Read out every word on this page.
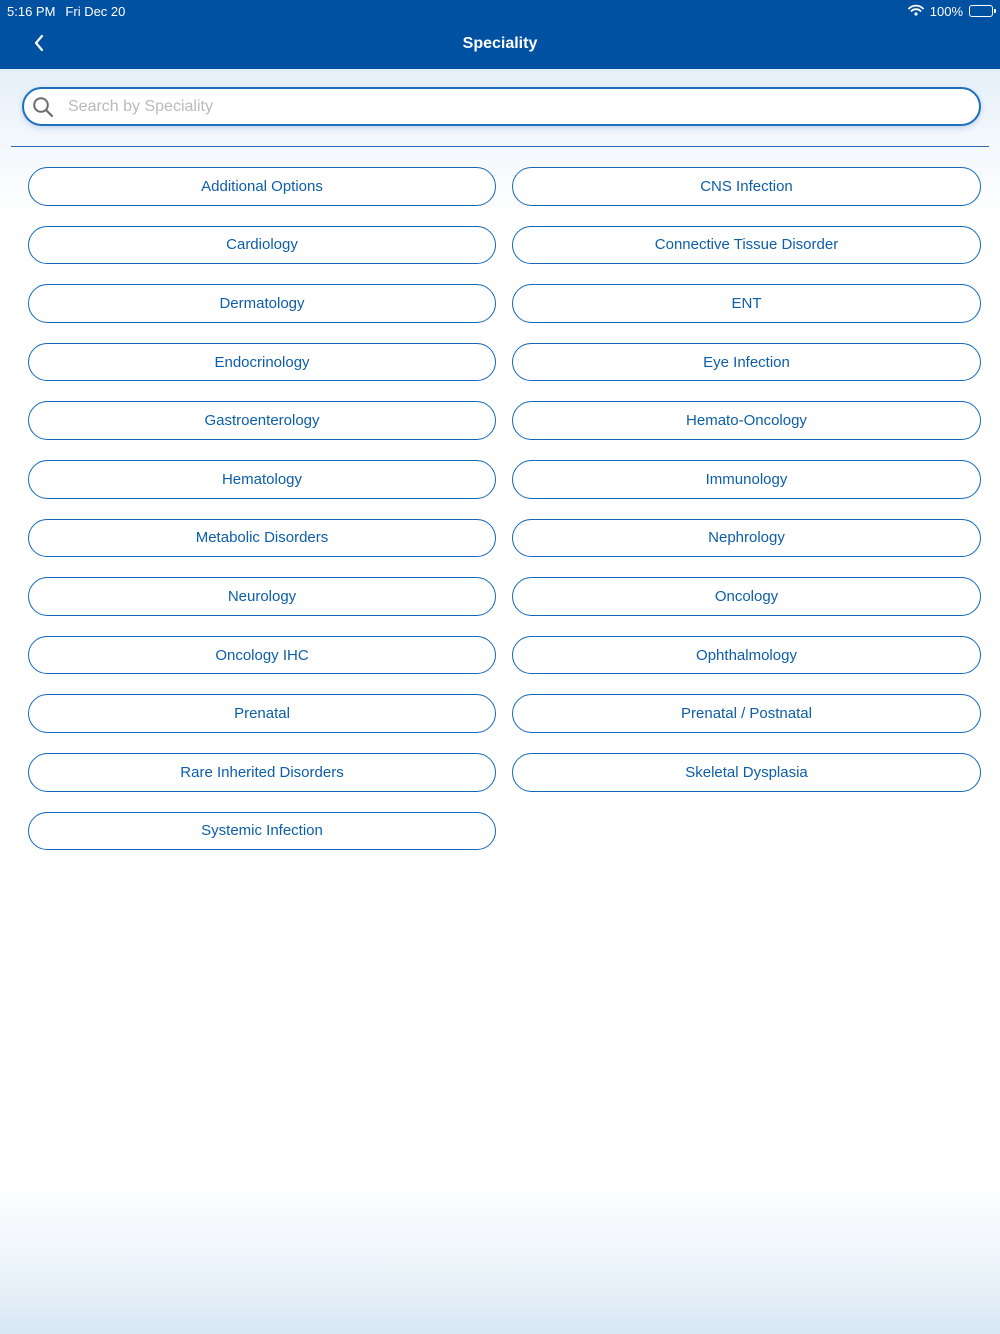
5:16 PM Fri Dec 20	100%
Speciality
Search by Speciality
Additional Options	CNS Infection
Cardiology	Connective Tissue Disorder
Dermatology	ENT
Endocrinology	Eye Infection
Gastroenterology	Hemato-Oncology
Hematology	Immunology
Metabolic Disorders	Nephrology
Neurology	Oncology
Oncology IHC	Ophthalmology
Prenatal	Prenatal / Postnatal
Rare Inherited Disorders	Skeletal Dysplasia
Systemic Infection
